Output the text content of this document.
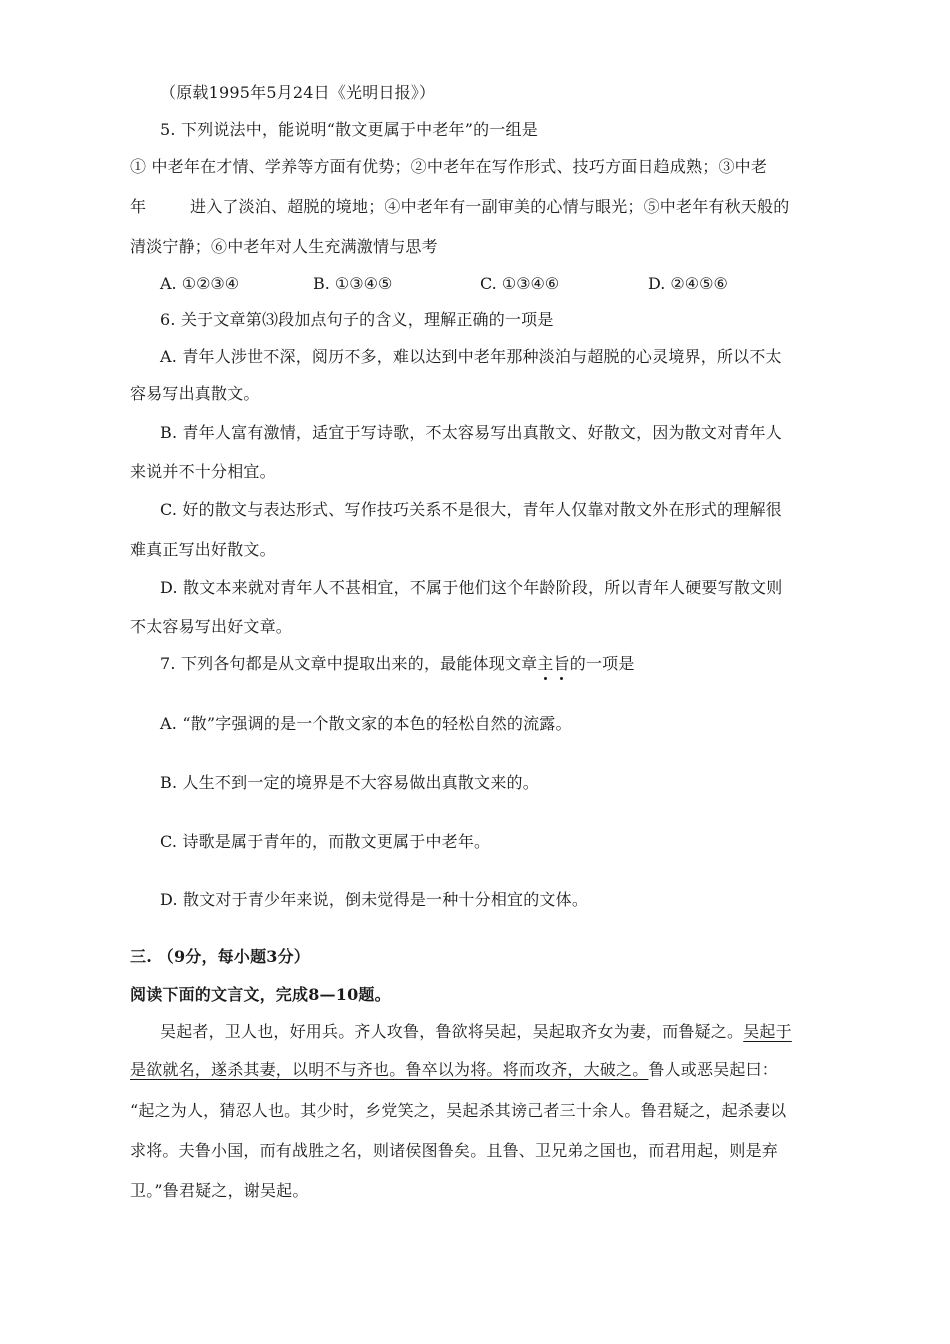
（原载1995年5月24日《光明日报》）
5. 下列说法中，能说明“散文更属于中老年”的一组是
① 中老年在才情、学养等方面有优势；②中老年在写作形式、技巧方面日趋成熟；③中老
年	进入了淡泊、超脱的境地；④中老年有一副审美的心情与眼光；⑤中老年有秋天般的
清淡宁静；⑥中老年对人生充满激情与思考
A. ①②③④	B. ①③④⑤	C. ①③④⑥	D. ②④⑤⑥
6. 关于文章第⑶段加点句子的含义，理解正确的一项是
A. 青年人涉世不深，阅历不多，难以达到中老年那种淡泊与超脱的心灵境界，所以不太
容易写出真散文。
B. 青年人富有激情，适宜于写诗歌，不太容易写出真散文、好散文，因为散文对青年人
来说并不十分相宜。
C. 好的散文与表达形式、写作技巧关系不是很大，青年人仅靠对散文外在形式的理解很
难真正写出好散文。
D. 散文本来就对青年人不甚相宜，不属于他们这个年龄阶段，所以青年人硬要写散文则
不太容易写出好文章。
7. 下列各句都是从文章中提取出来的，最能体现文章主旨的一项是
A. “散”字强调的是一个散文家的本色的轻松自然的流露。
B. 人生不到一定的境界是不大容易做出真散文来的。
C. 诗歌是属于青年的，而散文更属于中老年。
D. 散文对于青少年来说，倒未觉得是一种十分相宜的文体。
三. （9分，每小题3分）
阅读下面的文言文，完成8—10题。
吴起者，卫人也，好用兵。齐人攻鲁，鲁欲将吴起，吴起取齐女为妻，而鲁疑之。吴起于
是欲就名，遂杀其妻，以明不与齐也。鲁卒以为将。将而攻齐，大破之。鲁人或恶吴起曰：
“起之为人，猜忍人也。其少时，乡党笑之，吴起杀其谤己者三十余人。鲁君疑之，起杀妻以
求将。夫鲁小国，而有战胜之名，则诸侯图鲁矣。且鲁、卫兄弟之国也，而君用起，则是弃
卫。”鲁君疑之，谢吴起。
